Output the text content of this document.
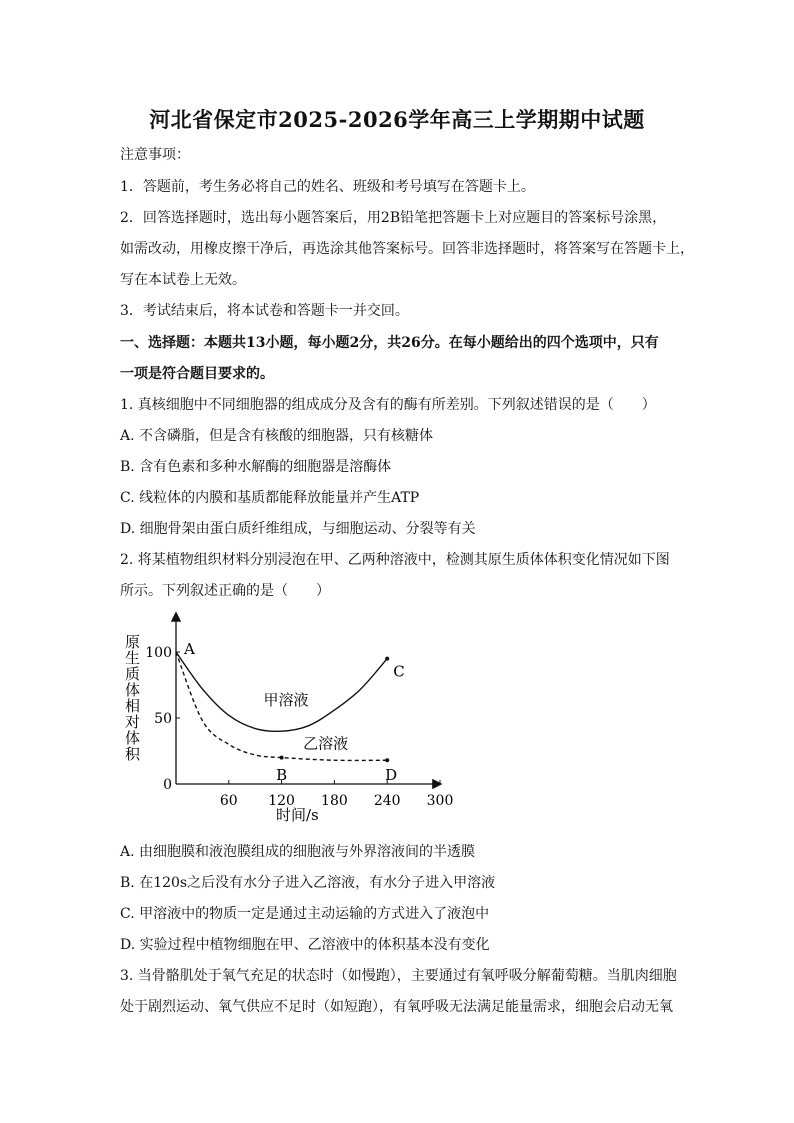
河北省保定市2025-2026学年高三上学期期中试题
注意事项：
1．答题前，考生务必将自己的姓名、班级和考号填写在答题卡上。
2．回答选择题时，选出每小题答案后，用2B铅笔把答题卡上对应题目的答案标号涂黑，
如需改动，用橡皮擦干净后，再选涂其他答案标号。回答非选择题时，将答案写在答题卡上，
写在本试卷上无效。
3．考试结束后，将本试卷和答题卡一并交回。
一、选择题：本题共13小题，每小题2分，共26分。在每小题给出的四个选项中，只有
一项是符合题目要求的。
1. 真核细胞中不同细胞器的组成成分及含有的酶有所差别。下列叙述错误的是（　　）
A. 不含磷脂，但是含有核酸的细胞器，只有核糖体
B. 含有色素和多种水解酶的细胞器是溶酶体
C. 线粒体的内膜和基质都能释放能量并产生ATP
D. 细胞骨架由蛋白质纤维组成，与细胞运动、分裂等有关
2. 将某植物组织材料分别浸泡在甲、乙两种溶液中，检测其原生质体体积变化情况如下图
所示。下列叙述正确的是（　　）
60 120 180 240 300
100
50
0
A
C
B	D
甲溶液
乙溶液
原生质体相对体积
时间/s
A. 由细胞膜和液泡膜组成的细胞液与外界溶液间的半透膜
B. 在120s之后没有水分子进入乙溶液，有水分子进入甲溶液
C. 甲溶液中的物质一定是通过主动运输的方式进入了液泡中
D. 实验过程中植物细胞在甲、乙溶液中的体积基本没有变化
3. 当骨骼肌处于氧气充足的状态时（如慢跑），主要通过有氧呼吸分解葡萄糖。当肌肉细胞
处于剧烈运动、氧气供应不足时（如短跑），有氧呼吸无法满足能量需求，细胞会启动无氧
